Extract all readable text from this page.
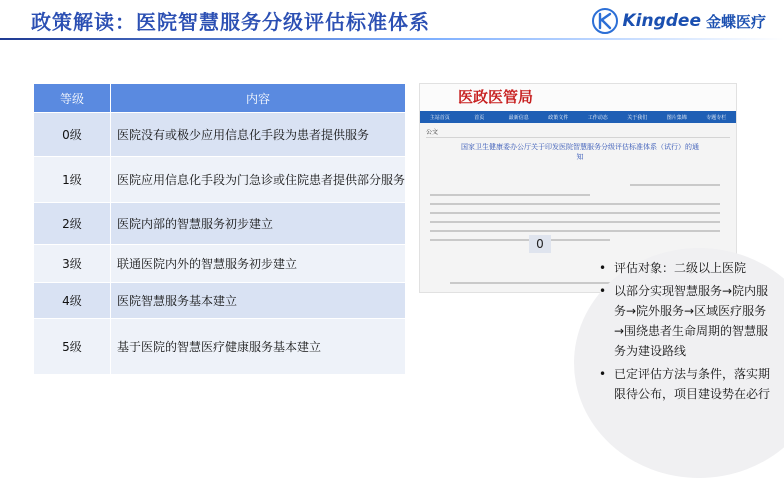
政策解读：医院智慧服务分级评估标准体系	Kingdee 金蝶医疗
等级	内容
0级	医院没有或极少应用信息化手段为患者提供服务
1级	医院应用信息化手段为门急诊或住院患者提供部分服务
2级	医院内部的智慧服务初步建立
3级	联通医院内外的智慧服务初步建立
4级	医院智慧服务基本建立
5级	基于医院的智慧医疗健康服务基本建立
医政医管局
主站首页	首页	最新信息	政策文件	工作动态	关于我们	图片集锦	专题专栏
公文
国家卫生健康委办公厅关于印发医院智慧服务分级评估标准体系（试行）的通知
0
• 评估对象：二级以上医院
• 以部分实现智慧服务→院内服务→院外服务→区域医疗服务→围绕患者生命周期的智慧服务为建设路线
• 已定评估方法与条件，落实期限待公布，项目建设势在必行
